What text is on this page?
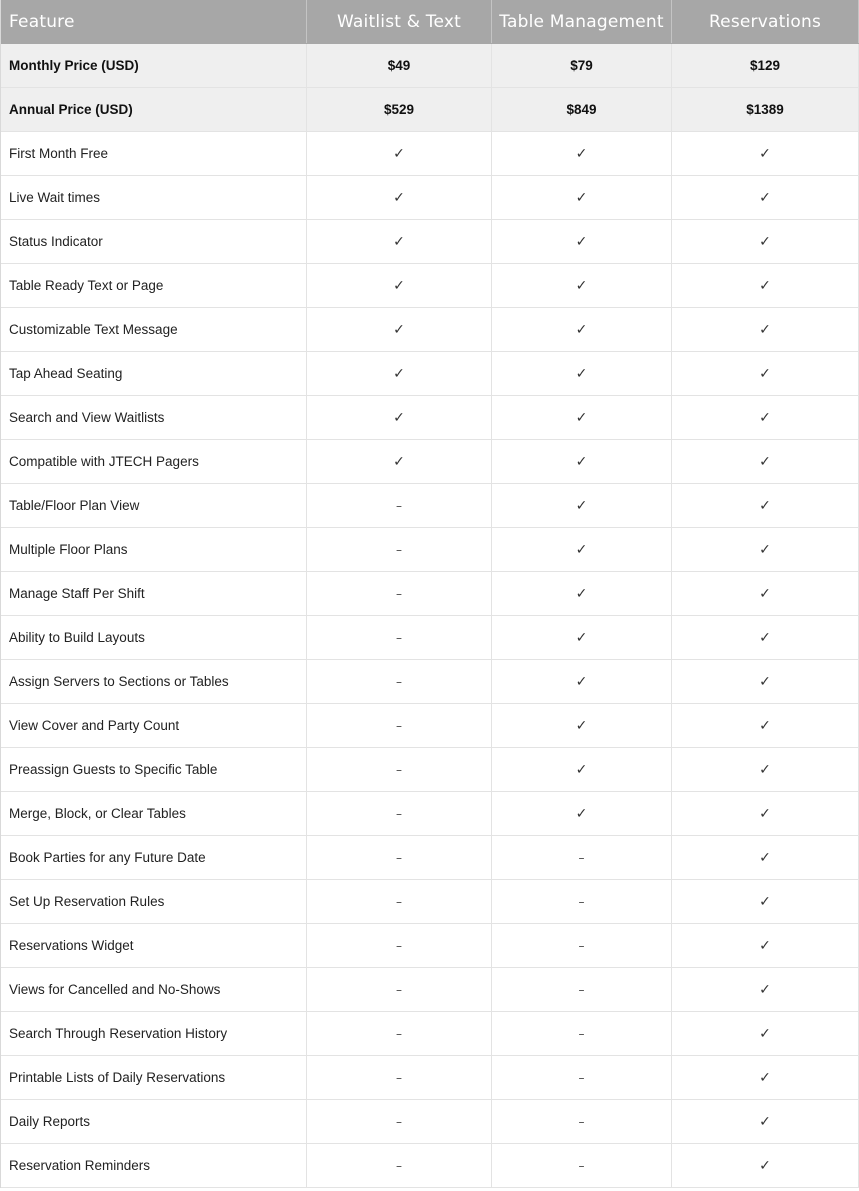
Feature	Waitlist & Text	Table Management	Reservations
Monthly Price (USD)	$49	$79	$129
Annual Price (USD)	$529	$849	$1389
First Month Free	✓	✓	✓
Live Wait times	✓	✓	✓
Status Indicator	✓	✓	✓
Table Ready Text or Page	✓	✓	✓
Customizable Text Message	✓	✓	✓
Tap Ahead Seating	✓	✓	✓
Search and View Waitlists	✓	✓	✓
Compatible with JTECH Pagers	✓	✓	✓
Table/Floor Plan View	–	✓	✓
Multiple Floor Plans	–	✓	✓
Manage Staff Per Shift	–	✓	✓
Ability to Build Layouts	–	✓	✓
Assign Servers to Sections or Tables	–	✓	✓
View Cover and Party Count	–	✓	✓
Preassign Guests to Specific Table	–	✓	✓
Merge, Block, or Clear Tables	–	✓	✓
Book Parties for any Future Date	–	–	✓
Set Up Reservation Rules	–	–	✓
Reservations Widget	–	–	✓
Views for Cancelled and No-Shows	–	–	✓
Search Through Reservation History	–	–	✓
Printable Lists of Daily Reservations	–	–	✓
Daily Reports	–	–	✓
Reservation Reminders	–	–	✓
